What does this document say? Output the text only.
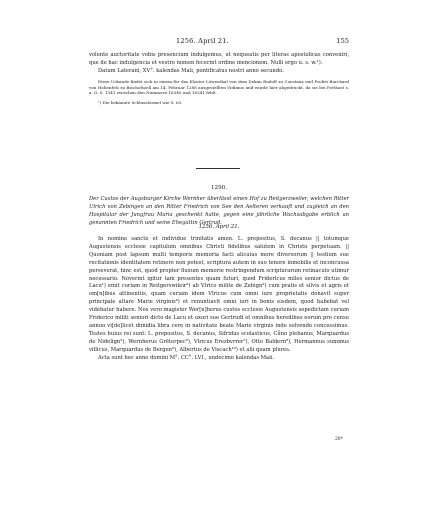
1256. April 21.	155

volente auctoritate vobis presencium indulgemus, ut nequeatis per literas apostolicas conveniri, que de hac indulgencia et vestro nomen fecerint ordine mencionem. Nulli ergo u. s. w.¹).

Datum Laterani, XV°. kalendas Maii, pontificatus nostri anno secundo.

Diese Urkunde findet sich in einem für das Kloster Löwenthal von dem Dekan Rudolf zu Constanz und Probst Burchard von Hohenfels zu Bischofszell am 14. Februar 1288 ausgestellten Vidimus und wurde hier abgedruckt, da sie bei Potthast s. a. O. S. 1341 zwischen den Nummern 16340 und 16341 fehlt.

¹) Die bekannte Schlussformel wie S. 63.

1290.
Der Custos der Augsburger Kirche Wernher überlässt einen Hof zu Reitgerzweiler, welchen Ritter Ulrich von Zebingen an den Ritter Friedrich von See den Aelteren verkauft und zugleich an den Hospitalar der Jungfrau Maria geschenkt hatte, gegen eine jährliche Wachsabgabe erblich an genannten Friedrich und seine Ehegattin Gertrud.
1256. April 21.

In nomine sancte et individue trinitatis amen. L. prepositus, S. decanus || totumque Augustensis ecclesie capitulum omnibus Christi fidelibus salutem in Christo perpetuam. || Quoniam post lapsum multi temporis memoria facti alicuius more diversorum || testium sue recitationis identitatem retinere non potest, scriptura autem in suo tenore inmobilis et inconcussa perseverat, hinc est, quod propter fluxum memorie restringendum scripturarum retinaculo utimur necessario. Noverint igitur tam presentes quam futuri, quod Fridericus miles senior dictus de Lacu¹) emit curiam in Reitgerswileir²) ab Vlrico milite de Zebign³) cum pratis et silvis et agris et om[n]ibus attinentiis, quam curiam idem Vlricus cum omni iure proprietatis donavit super principale altare Marie virginis⁴) et renuntiavit omni iuri in bonis eisdem, quod habebat vel videbatur habere. Nos vero magister Wer[n]herus custos ecclesie Augustensis sepedictam curiam Friderico militi seniori dicto de Lacu et uxori sue Gertrudi et omnibus heredibus eorum pro censu annuo vi[de]licet dimidia libra cere in nativitate beate Marie virginis inde solvendo concessimus. Testes huius rei sunt: L. prepositus, S. decanus, Sifridus scolasticus, Cůno plebanus, Marquardus de Nidelign⁵), Wernherus Grēterpec⁶), Vlricus Erezbvrrer⁷), Otto Baldern⁸), Hermannus summus villicus, Marquardus de Bergen⁹), Albertus de Viscach¹⁰) et alii quam plures.

Acta sunt hec anno domini M°. CC°. LVI., undecimo kalendas Maii.

20*
